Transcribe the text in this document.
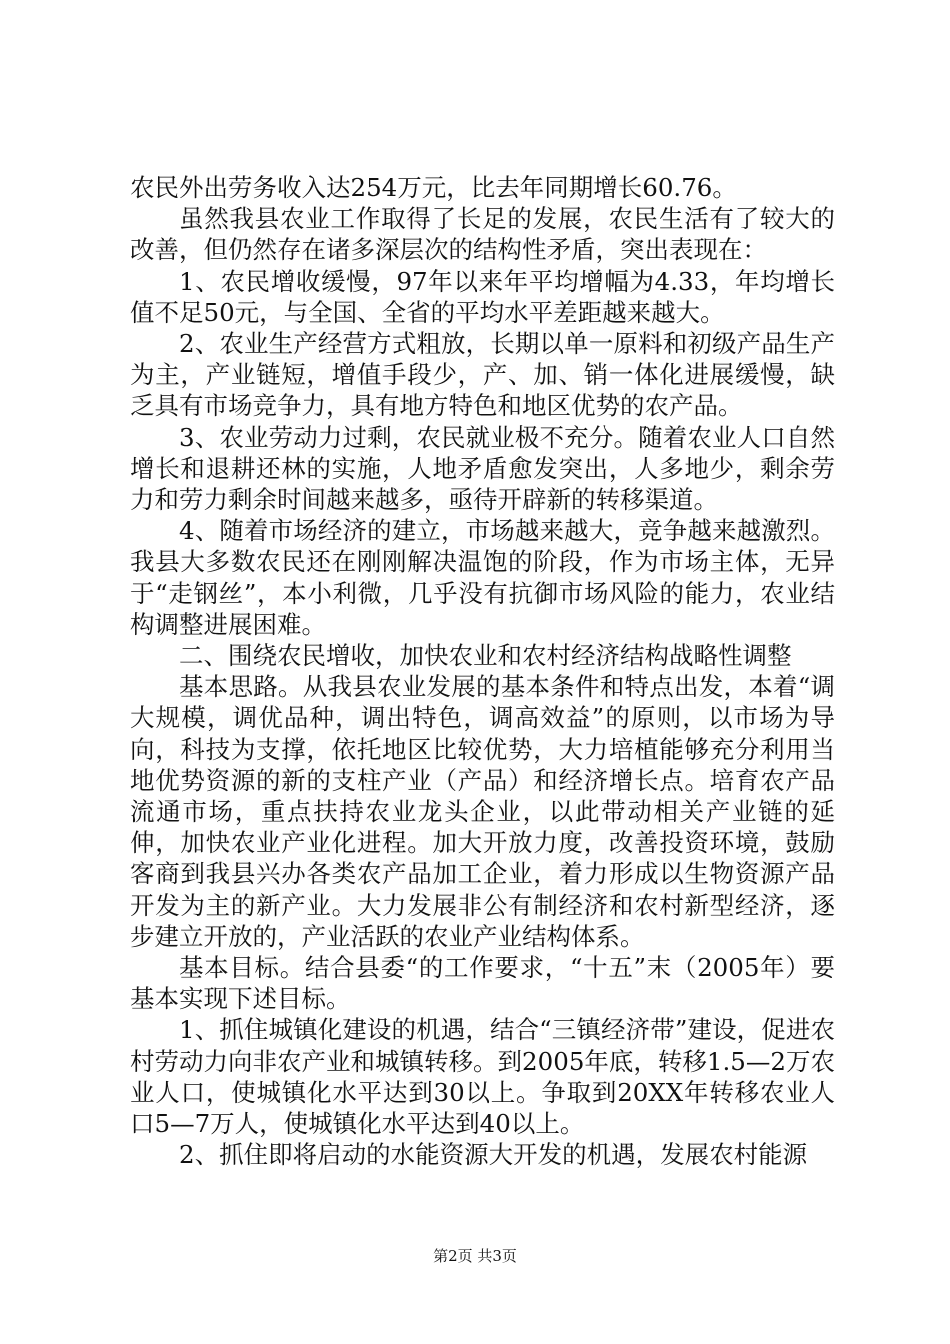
农民外出劳务收入达254万元，比去年同期增长60.76。

虽然我县农业工作取得了长足的发展，农民生活有了较大的改善，但仍然存在诸多深层次的结构性矛盾，突出表现在：

1、农民增收缓慢，97年以来年平均增幅为4.33，年均增长值不足50元，与全国、全省的平均水平差距越来越大。

2、农业生产经营方式粗放，长期以单一原料和初级产品生产为主，产业链短，增值手段少，产、加、销一体化进展缓慢，缺乏具有市场竞争力，具有地方特色和地区优势的农产品。

3、农业劳动力过剩，农民就业极不充分。随着农业人口自然增长和退耕还林的实施，人地矛盾愈发突出，人多地少，剩余劳力和劳力剩余时间越来越多，亟待开辟新的转移渠道。

4、随着市场经济的建立，市场越来越大，竞争越来越激烈。我县大多数农民还在刚刚解决温饱的阶段，作为市场主体，无异于“走钢丝”，本小利微，几乎没有抗御市场风险的能力，农业结构调整进展困难。

二、围绕农民增收，加快农业和农村经济结构战略性调整

基本思路。从我县农业发展的基本条件和特点出发，本着“调大规模，调优品种，调出特色，调高效益”的原则，以市场为导向，科技为支撑，依托地区比较优势，大力培植能够充分利用当地优势资源的新的支柱产业（产品）和经济增长点。培育农产品流通市场，重点扶持农业龙头企业，以此带动相关产业链的延伸，加快农业产业化进程。加大开放力度，改善投资环境，鼓励客商到我县兴办各类农产品加工企业，着力形成以生物资源产品开发为主的新产业。大力发展非公有制经济和农村新型经济，逐步建立开放的，产业活跃的农业产业结构体系。

基本目标。结合县委“的工作要求，“十五”末（2005年）要基本实现下述目标。

1、抓住城镇化建设的机遇，结合“三镇经济带”建设，促进农村劳动力向非农产业和城镇转移。到2005年底，转移1.5—2万农业人口，使城镇化水平达到30以上。争取到20XX年转移农业人口5—7万人，使城镇化水平达到40以上。

2、抓住即将启动的水能资源大开发的机遇，发展农村能源

第2页 共3页
